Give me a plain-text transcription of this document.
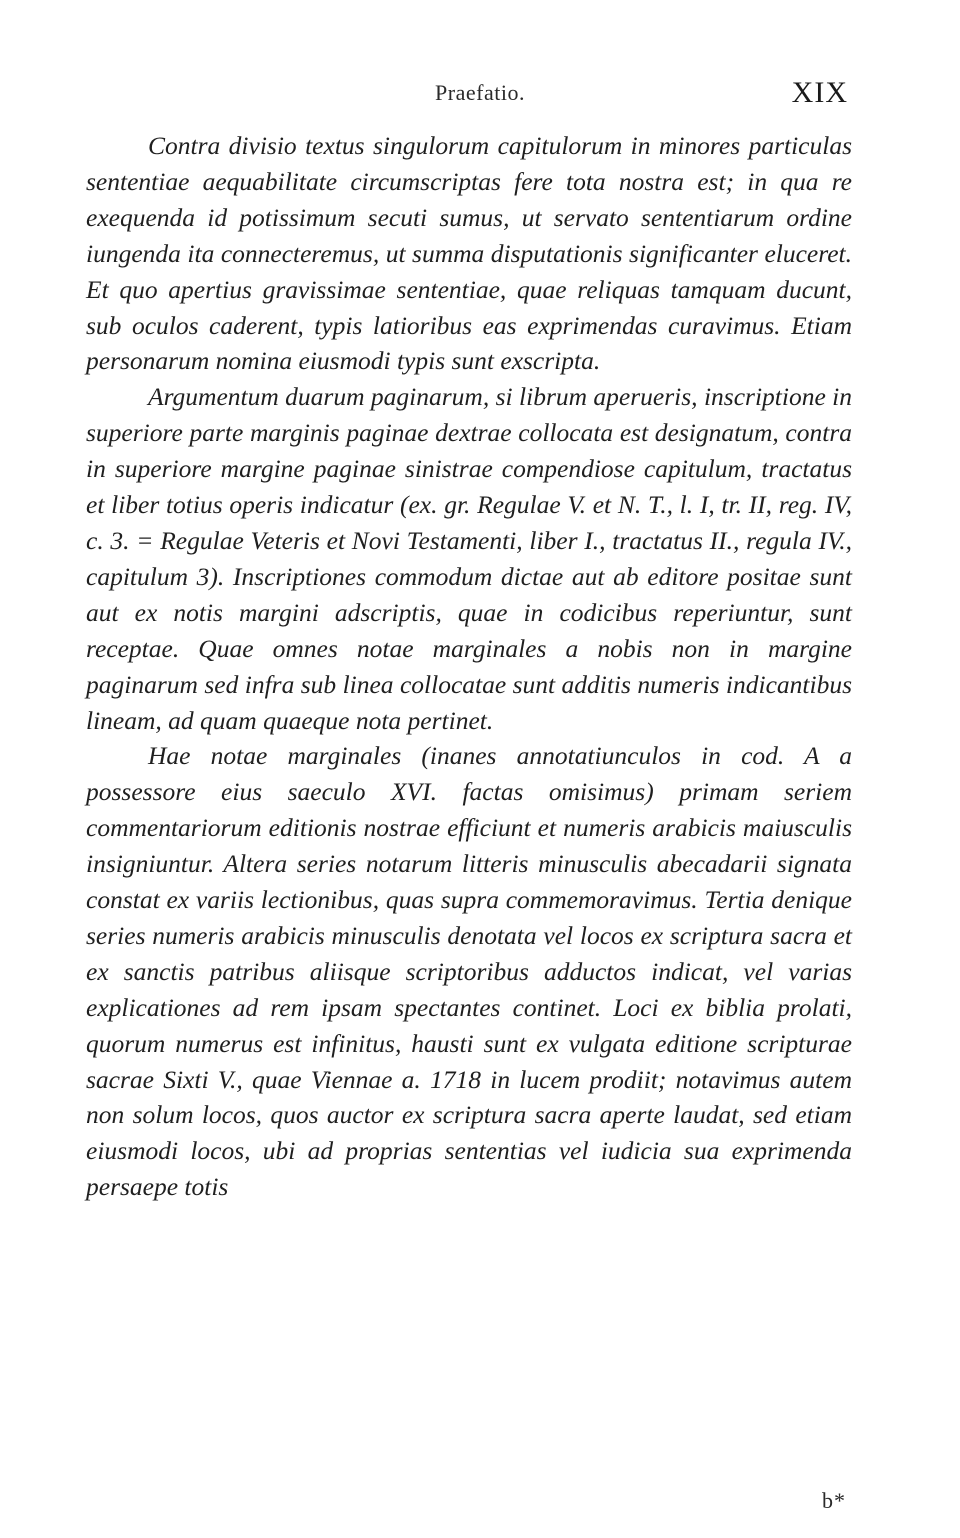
Praefatio.	XIX

Contra divisio textus singulorum capitulorum in minores particulas sententiae aequabilitate circumscriptas fere tota nostra est; in qua re exequenda id potissimum secuti sumus, ut servato sententiarum ordine iungenda ita connecteremus, ut summa disputationis significanter eluceret. Et quo apertius gravissimae sententiae, quae reliquas tamquam ducunt, sub oculos caderent, typis latioribus eas exprimendas curavimus. Etiam personarum nomina eiusmodi typis sunt exscripta.

Argumentum duarum paginarum, si librum aperueris, inscriptione in superiore parte marginis paginae dextrae collocata est designatum, contra in superiore margine paginae sinistrae compendiose capitulum, tractatus et liber totius operis indicatur (ex. gr. Regulae V. et N. T., l. I, tr. II, reg. IV, c. 3. = Regulae Veteris et Novi Testamenti, liber I., tractatus II., regula IV., capitulum 3). Inscriptiones commodum dictae aut ab editore positae sunt aut ex notis margini adscriptis, quae in codicibus reperiuntur, sunt receptae. Quae omnes notae marginales a nobis non in margine paginarum sed infra sub linea collocatae sunt additis numeris indicantibus lineam, ad quam quaeque nota pertinet.

Hae notae marginales (inanes annotatiunculos in cod. A a possessore eius saeculo XVI. factas omisimus) primam seriem commentariorum editionis nostrae efficiunt et numeris arabicis maiusculis insigniuntur. Altera series notarum litteris minusculis abecadarii signata constat ex variis lectionibus, quas supra commemoravimus. Tertia denique series numeris arabicis minusculis denotata vel locos ex scriptura sacra et ex sanctis patribus aliisque scriptoribus adductos indicat, vel varias explicationes ad rem ipsam spectantes continet. Loci ex biblia prolati, quorum numerus est infinitus, hausti sunt ex vulgata editione scripturae sacrae Sixti V., quae Viennae a. 1718 in lucem prodiit; notavimus autem non solum locos, quos auctor ex scriptura sacra aperte laudat, sed etiam eiusmodi locos, ubi ad proprias sententias vel iudicia sua exprimenda persaepe totis

b*
